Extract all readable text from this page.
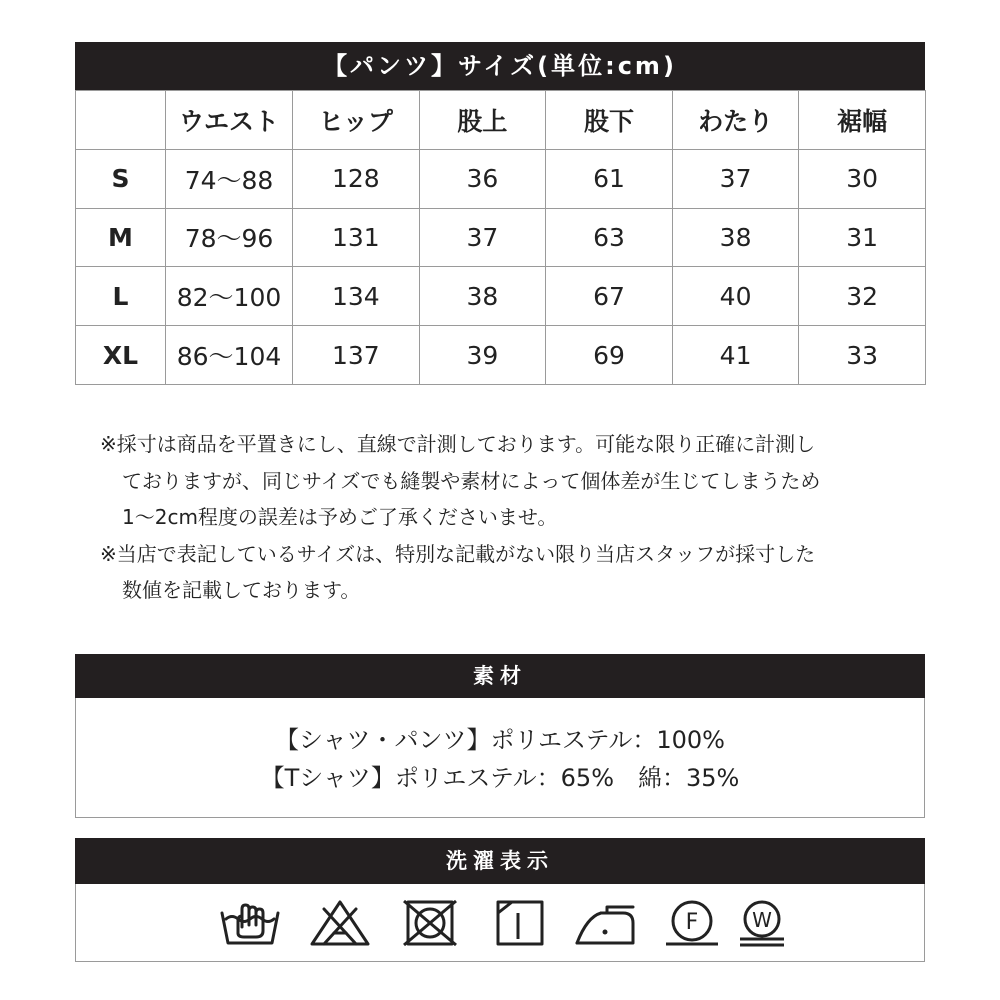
【パンツ】サイズ(単位:cm)
	ウエスト	ヒップ	股上	股下	わたり	裾幅
S	74〜88	128	36	61	37	30
M	78〜96	131	37	63	38	31
L	82〜100	134	38	67	40	32
XL	86〜104	137	39	69	41	33
※採寸は商品を平置きにし、直線で計測しております。可能な限り正確に計測し
ておりますが、同じサイズでも縫製や素材によって個体差が生じてしまうため
1〜2cm程度の誤差は予めご了承くださいませ。
※当店で表記しているサイズは、特別な記載がない限り当店スタッフが採寸した
数値を記載しております。
素材
【シャツ・パンツ】ポリエステル：100%
【Tシャツ】ポリエステル：65%　綿：35%
洗濯表示
F	W
